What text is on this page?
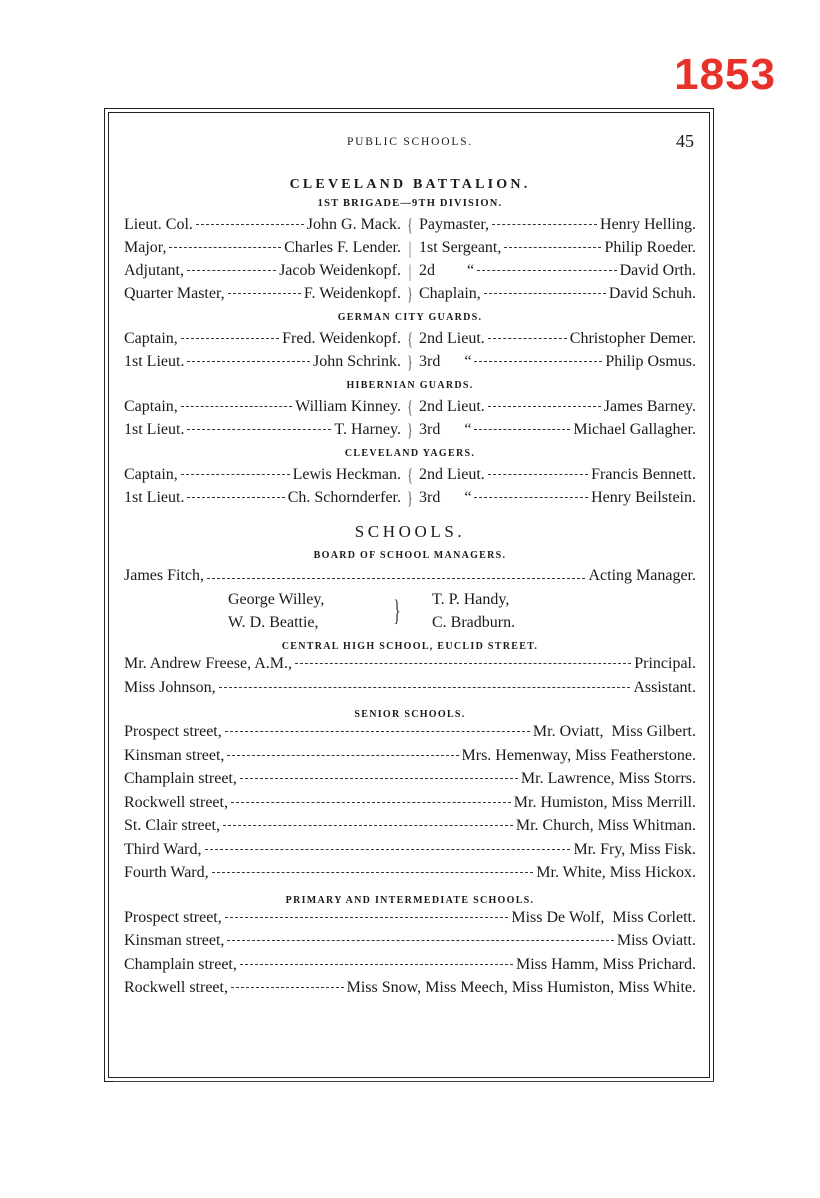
1853
PUBLIC SCHOOLS.	45
CLEVELAND BATTALION.
1ST BRIGADE—9TH DIVISION.
Lieut. Col.	John G. Mack. { Paymaster,	Henry Helling.
Major,	Charles F. Lender. | 1st Sergeant,	Philip Roeder.
Adjutant,	Jacob Weidenkopf. | 2d        “	David Orth.
Quarter Master,	F. Weidenkopf. } Chaplain,	David Schuh.
GERMAN CITY GUARDS.
Captain,	Fred. Weidenkopf. { 2nd Lieut.	Christopher Demer.
1st Lieut.	John Schrink. } 3rd      “	Philip Osmus.
HIBERNIAN GUARDS.
Captain,	William Kinney. { 2nd Lieut.	James Barney.
1st Lieut.	T. Harney. } 3rd      “	Michael Gallagher.
CLEVELAND YAGERS.
Captain,	Lewis Heckman. { 2nd Lieut.	Francis Bennett.
1st Lieut.	Ch. Schornderfer. } 3rd      “	Henry Beilstein.
SCHOOLS.
BOARD OF SCHOOL MANAGERS.
James Fitch,	Acting Manager.
George Willey,
W. D. Beattie,	} T. P. Handy,
C. Bradburn.
CENTRAL HIGH SCHOOL, EUCLID STREET.
Mr. Andrew Freese, A.M.,	Principal.
Miss Johnson,	Assistant.
SENIOR SCHOOLS.
Prospect street,	Mr. Oviatt,  Miss Gilbert.
Kinsman street,	Mrs. Hemenway, Miss Featherstone.
Champlain street,	Mr. Lawrence, Miss Storrs.
Rockwell street,	Mr. Humiston, Miss Merrill.
St. Clair street,	Mr. Church, Miss Whitman.
Third Ward,	Mr. Fry, Miss Fisk.
Fourth Ward,	Mr. White, Miss Hickox.
PRIMARY AND INTERMEDIATE SCHOOLS.
Prospect street,	Miss De Wolf,  Miss Corlett.
Kinsman street,	Miss Oviatt.
Champlain street,	Miss Hamm, Miss Prichard.
Rockwell street,	Miss Snow, Miss Meech, Miss Humiston, Miss White.
